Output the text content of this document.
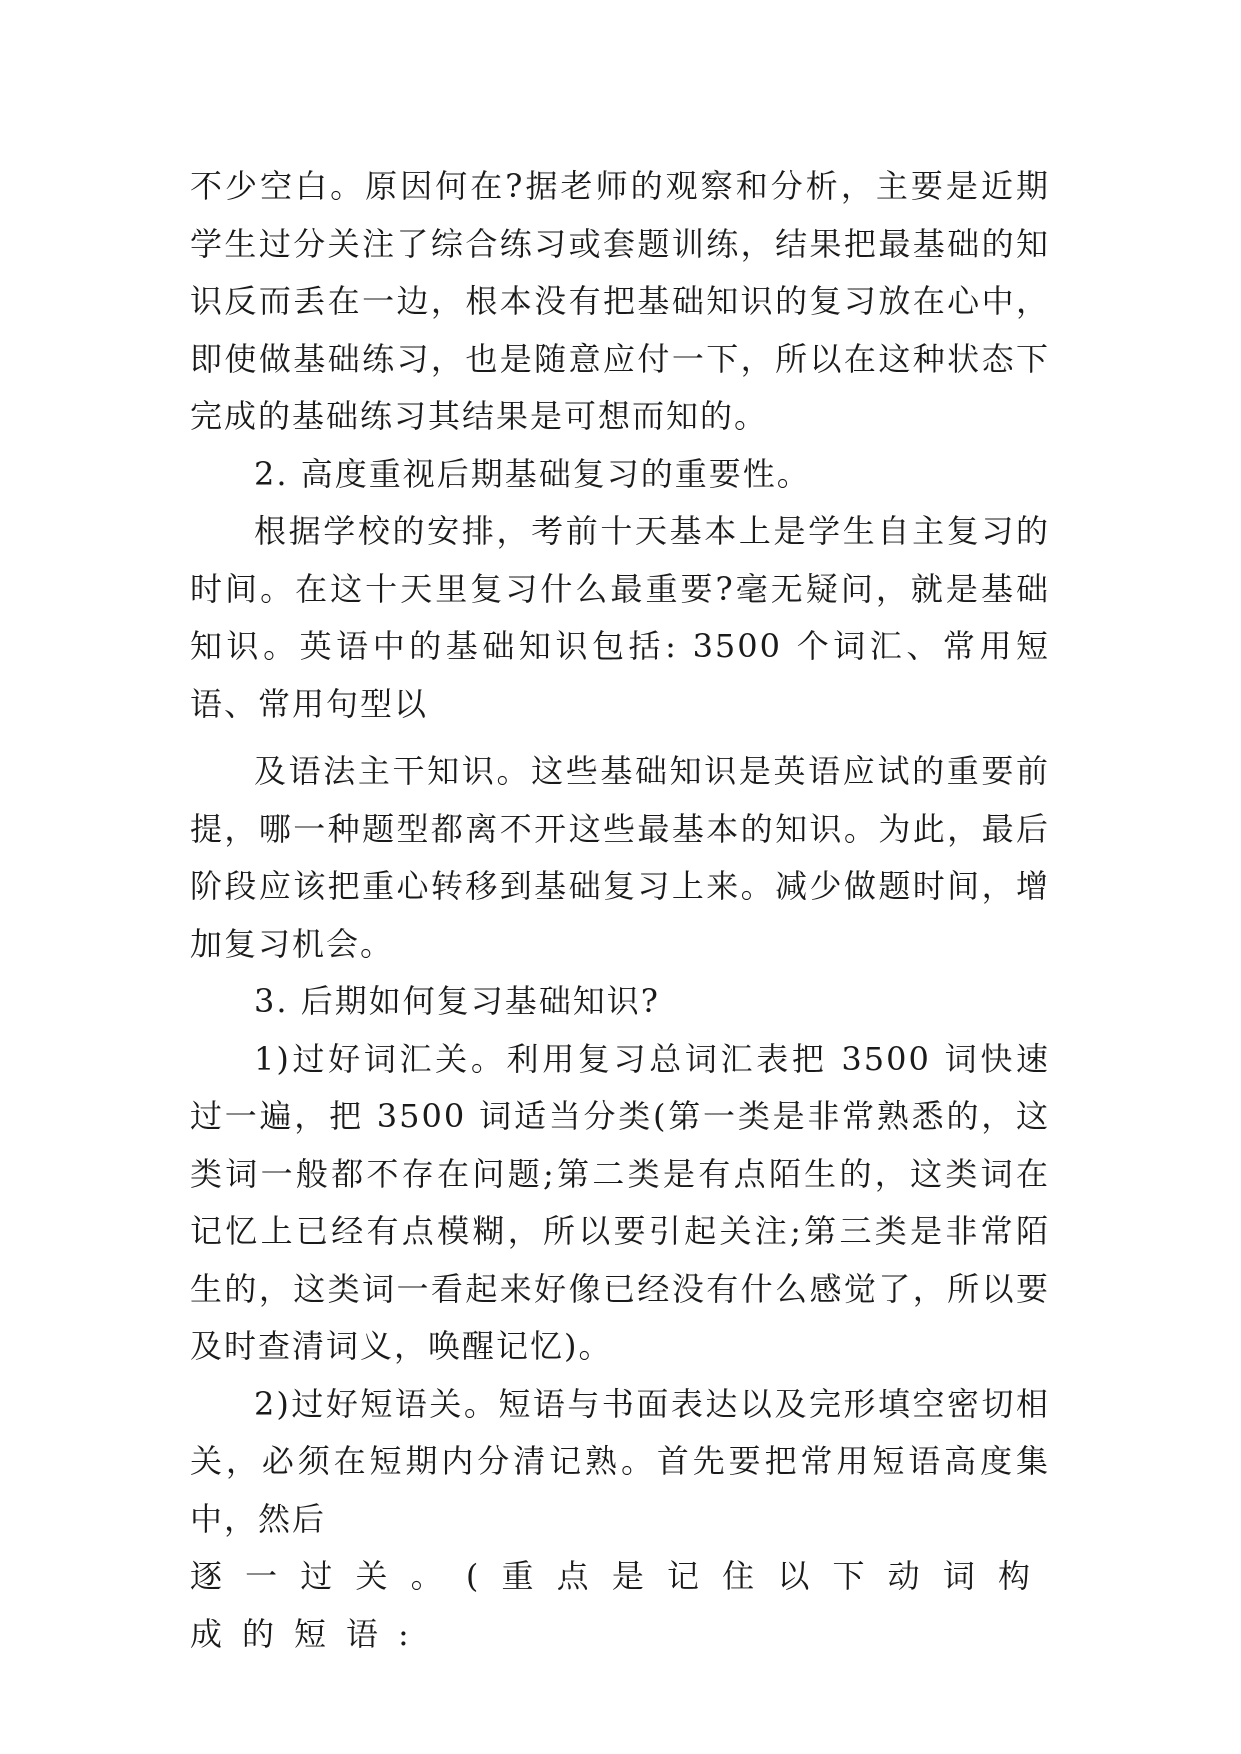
不少空白。原因何在?据老师的观察和分析，主要是近期学生过分关注了综合练习或套题训练，结果把最基础的知识反而丢在一边，根本没有把基础知识的复习放在心中，即使做基础练习，也是随意应付一下，所以在这种状态下完成的基础练习其结果是可想而知的。

2. 高度重视后期基础复习的重要性。

根据学校的安排，考前十天基本上是学生自主复习的时间。在这十天里复习什么最重要?毫无疑问，就是基础知识。英语中的基础知识包括: 3500 个词汇、常用短语、常用句型以

及语法主干知识。这些基础知识是英语应试的重要前提，哪一种题型都离不开这些最基本的知识。为此，最后阶段应该把重心转移到基础复习上来。减少做题时间，增加复习机会。

3. 后期如何复习基础知识?

1)过好词汇关。利用复习总词汇表把 3500 词快速过一遍，把 3500 词适当分类(第一类是非常熟悉的，这类词一般都不存在问题;第二类是有点陌生的，这类词在记忆上已经有点模糊，所以要引起关注;第三类是非常陌生的，这类词一看起来好像已经没有什么感觉了，所以要及时查清词义，唤醒记忆)。

2)过好短语关。短语与书面表达以及完形填空密切相关，必须在短期内分清记熟。首先要把常用短语高度集中，然后

逐一过关。(重点是记住以下动词构成的短语:
